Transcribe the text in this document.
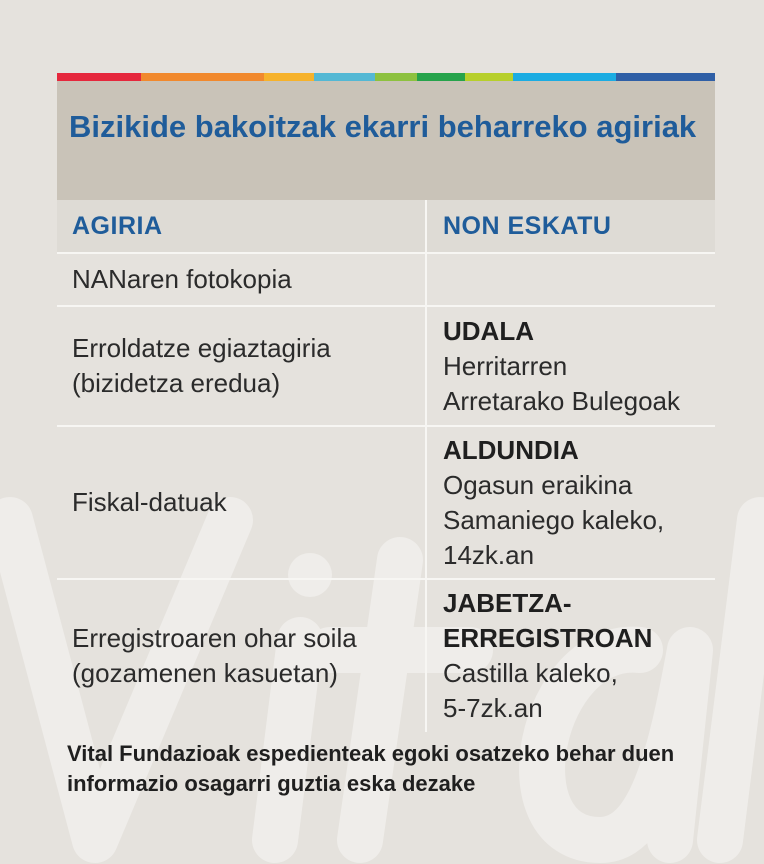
Bizikide bakoitzak ekarri beharreko agiriak
AGIRIA	NON ESKATU
NANaren fotokopia
Erroldatze egiaztagiria
(bizidetza eredua)
UDALA
Herritarren
Arretarako Bulegoak
Fiskal-datuak
ALDUNDIA
Ogasun eraikina
Samaniego kaleko,
14zk.an
Erregistroaren ohar soila
(gozamenen kasuetan)
JABETZA-
ERREGISTROAN
Castilla kaleko,
5-7zk.an

Vital Fundazioak espedienteak egoki osatzeko behar duen informazio osagarri guztia eska dezake
